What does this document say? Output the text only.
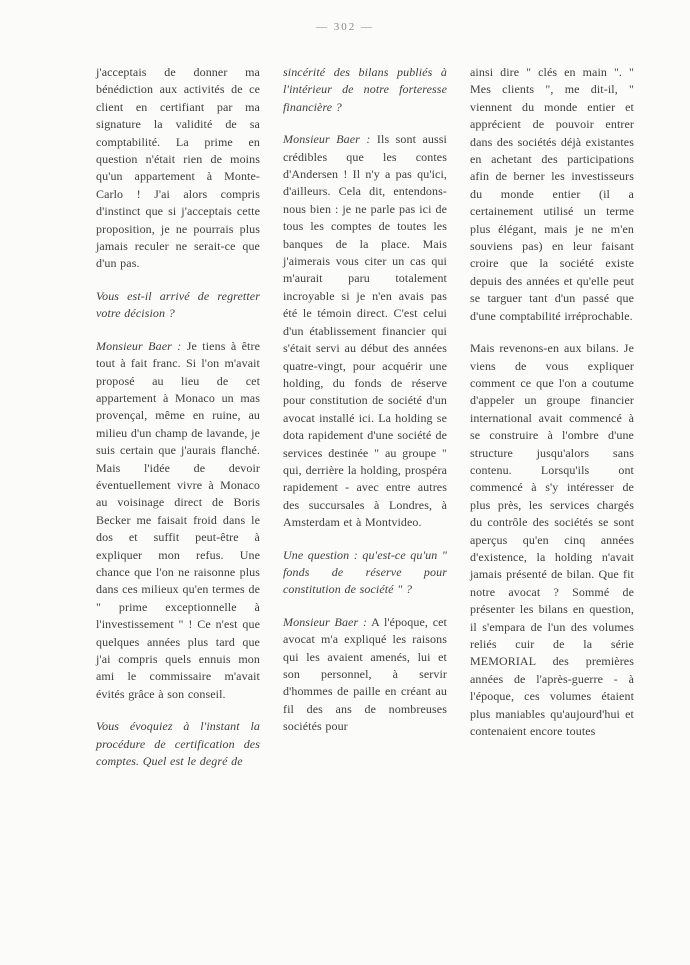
— 302 —

j'acceptais de donner ma bénédiction aux activités de ce client en certifiant par ma signature la validité de sa comptabilité. La prime en question n'était rien de moins qu'un appartement à Monte-Carlo ! J'ai alors compris d'instinct que si j'acceptais cette proposition, je ne pourrais plus jamais reculer ne serait-ce que d'un pas.

Vous est-il arrivé de regretter votre décision ?

Monsieur Baer : Je tiens à être tout à fait franc. Si l'on m'avait proposé au lieu de cet appartement à Monaco un mas provençal, même en ruine, au milieu d'un champ de lavande, je suis certain que j'aurais flanché. Mais l'idée de devoir éventuellement vivre à Monaco au voisinage direct de Boris Becker me faisait froid dans le dos et suffit peut-être à expliquer mon refus. Une chance que l'on ne raisonne plus dans ces milieux qu'en termes de " prime exceptionnelle à l'investissement " ! Ce n'est que quelques années plus tard que j'ai compris quels ennuis mon ami le commissaire m'avait évités grâce à son conseil.

Vous évoquiez à l'instant la procédure de certification des comptes. Quel est le degré de

sincérité des bilans publiés à l'intérieur de notre forteresse financière ?

Monsieur Baer : Ils sont aussi crédibles que les contes d'Andersen ! Il n'y a pas qu'ici, d'ailleurs. Cela dit, entendons-nous bien : je ne parle pas ici de tous les comptes de toutes les banques de la place. Mais j'aimerais vous citer un cas qui m'aurait paru totalement incroyable si je n'en avais pas été le témoin direct. C'est celui d'un établissement financier qui s'était servi au début des années quatre-vingt, pour acquérir une holding, du fonds de réserve pour constitution de société d'un avocat installé ici. La holding se dota rapidement d'une société de services destinée " au groupe " qui, derrière la holding, prospéra rapidement - avec entre autres des succursales à Londres, à Amsterdam et à Montvideo.

Une question : qu'est-ce qu'un " fonds de réserve pour constitution de société " ?

Monsieur Baer : A l'époque, cet avocat m'a expliqué les raisons qui les avaient amenés, lui et son personnel, à servir d'hommes de paille en créant au fil des ans de nombreuses sociétés pour

ainsi dire " clés en main ". " Mes clients ", me dit-il, " viennent du monde entier et apprécient de pouvoir entrer dans des sociétés déjà existantes en achetant des participations afin de berner les investisseurs du monde entier (il a certainement utilisé un terme plus élégant, mais je ne m'en souviens pas) en leur faisant croire que la société existe depuis des années et qu'elle peut se targuer tant d'un passé que d'une comptabilité irréprochable.

Mais revenons-en aux bilans. Je viens de vous expliquer comment ce que l'on a coutume d'appeler un groupe financier international avait commencé à se construire à l'ombre d'une structure jusqu'alors sans contenu. Lorsqu'ils ont commencé à s'y intéresser de plus près, les services chargés du contrôle des sociétés se sont aperçus qu'en cinq années d'existence, la holding n'avait jamais présenté de bilan. Que fit notre avocat ? Sommé de présenter les bilans en question, il s'empara de l'un des volumes reliés cuir de la série MEMORIAL des premières années de l'après-guerre - à l'époque, ces volumes étaient plus maniables qu'aujourd'hui et contenaient encore toutes
